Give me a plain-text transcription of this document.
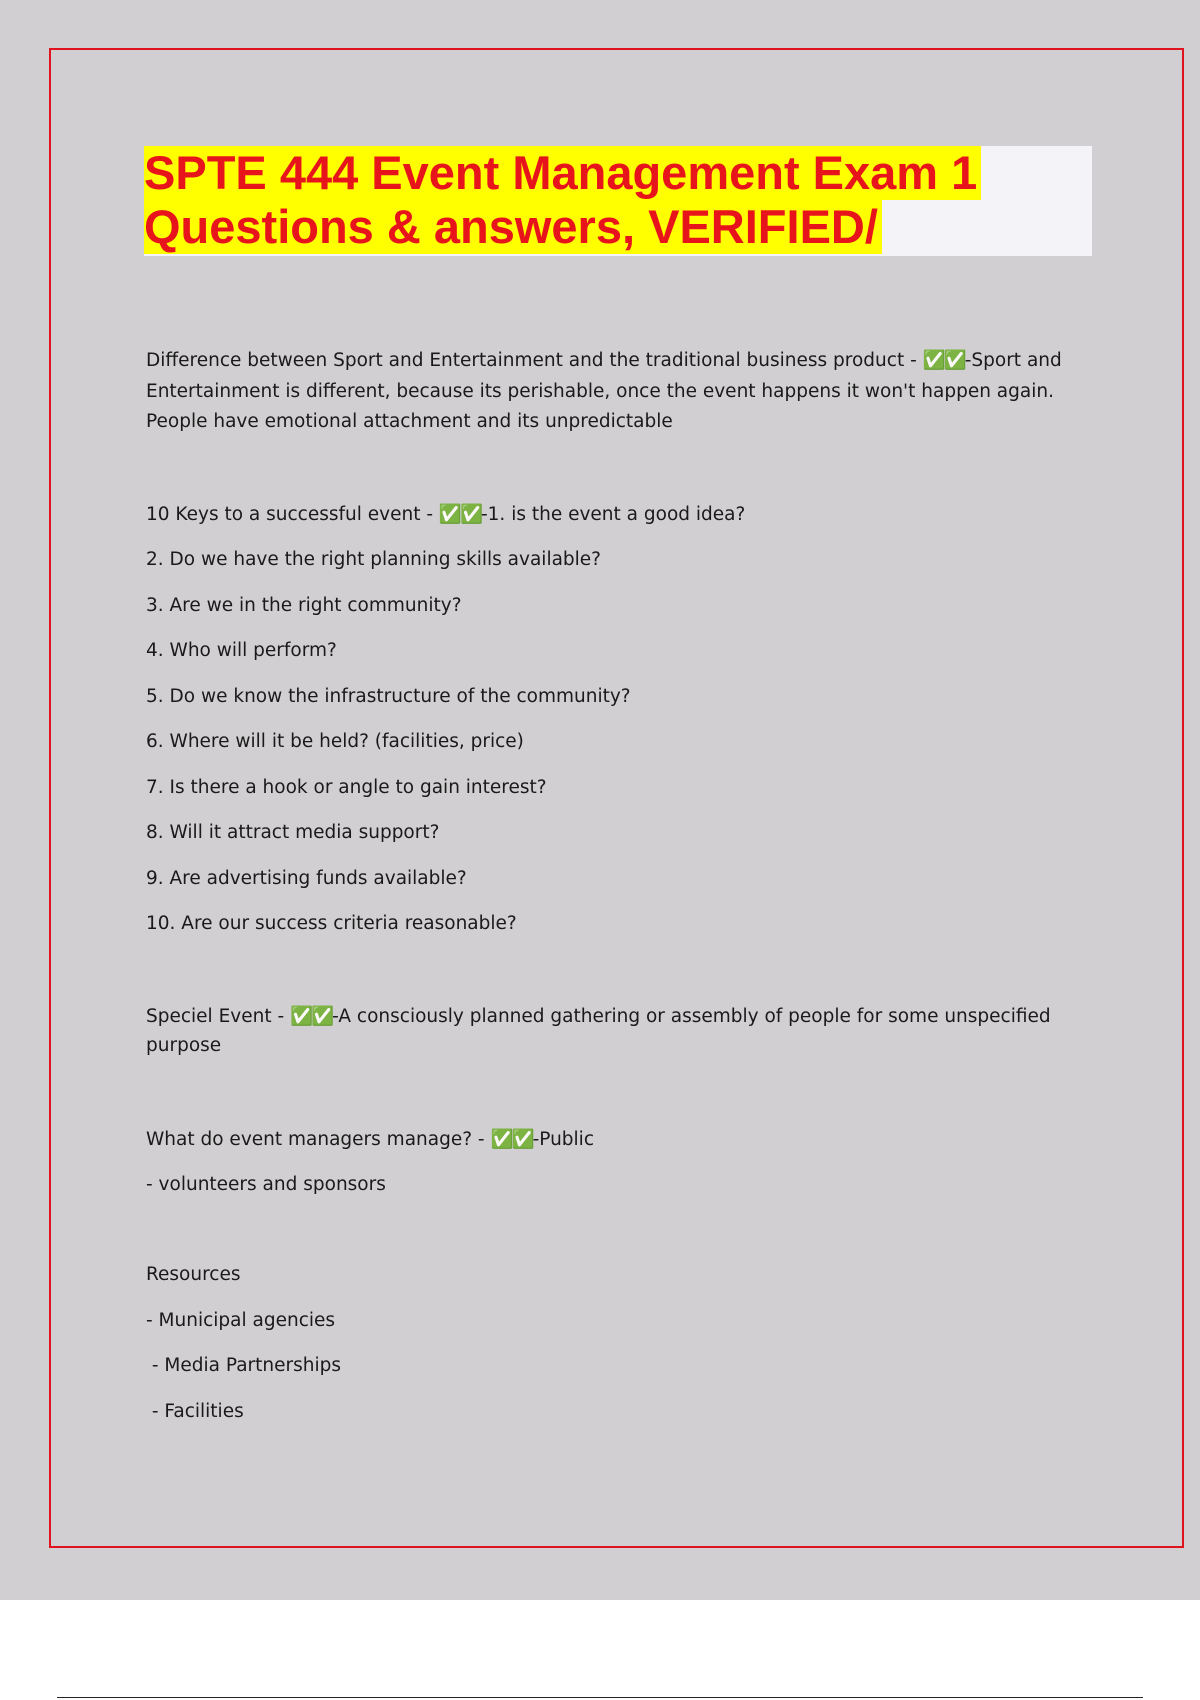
SPTE 444 Event Management Exam 1
Questions & answers, VERIFIED/

Difference between Sport and Entertainment and the traditional business product - ✅✅-Sport and

Entertainment is different, because its perishable, once the event happens it won't happen again.

People have emotional attachment and its unpredictable

10 Keys to a successful event - ✅✅-1. is the event a good idea?

2. Do we have the right planning skills available?

3. Are we in the right community?

4. Who will perform?

5. Do we know the infrastructure of the community?

6. Where will it be held? (facilities, price)

7. Is there a hook or angle to gain interest?

8. Will it attract media support?

9. Are advertising funds available?

10. Are our success criteria reasonable?

Speciel Event - ✅✅-A consciously planned gathering or assembly of people for some unspecified

purpose

What do event managers manage? - ✅✅-Public

- volunteers and sponsors

Resources

- Municipal agencies

- Media Partnerships

- Facilities
